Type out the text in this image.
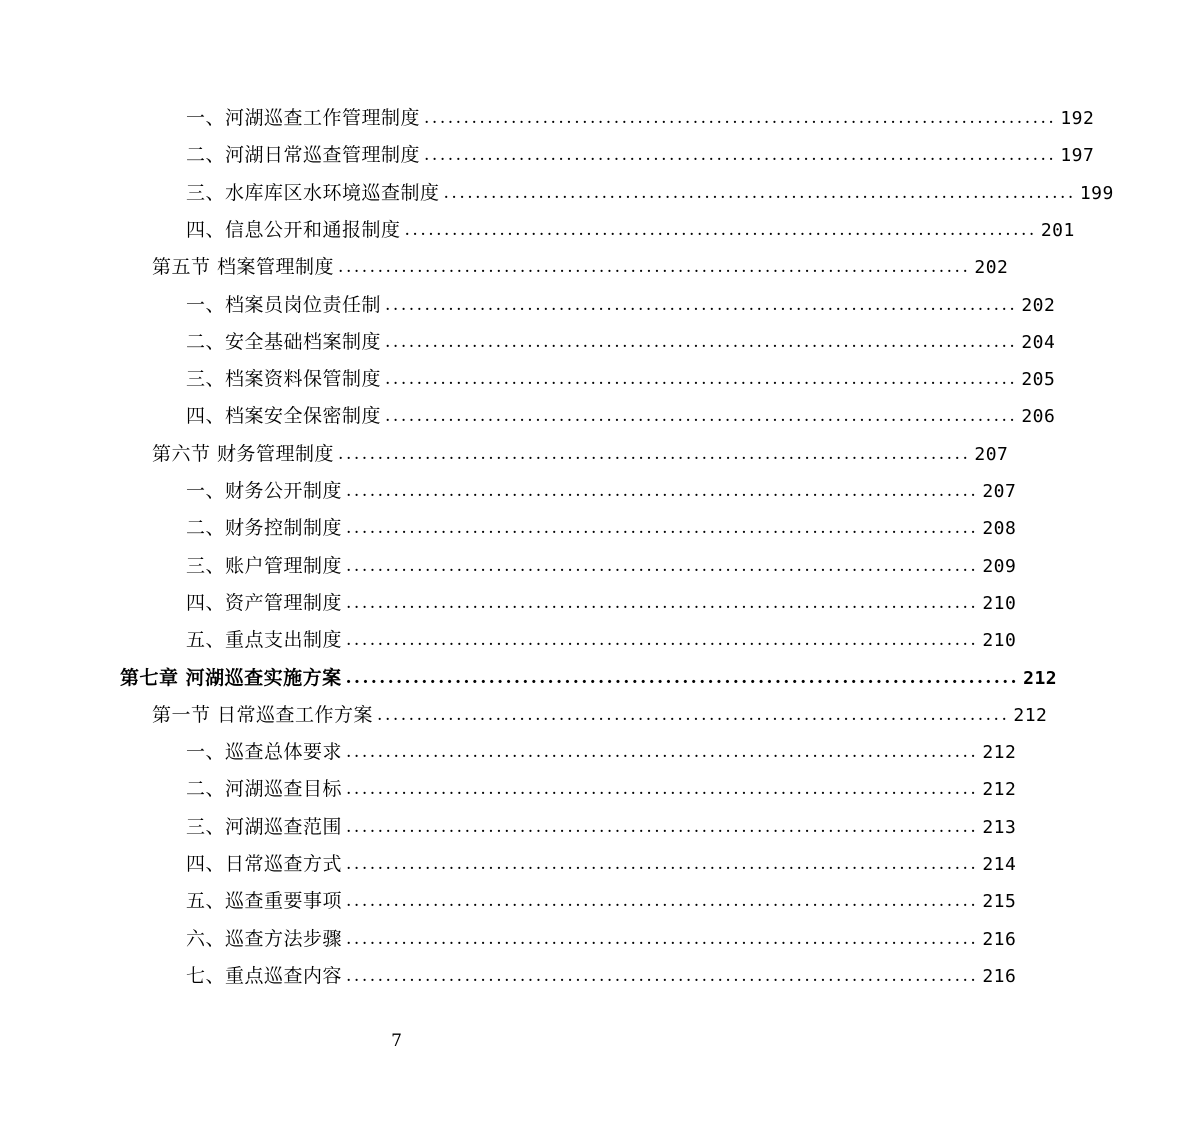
一、河湖巡查工作管理制度 ................................................................................ 192
二、河湖日常巡查管理制度 ................................................................................ 197
三、水库库区水环境巡查制度 ................................................................................ 199
四、信息公开和通报制度 ................................................................................ 201
第五节 档案管理制度 ................................................................................ 202
一、档案员岗位责任制 ................................................................................ 202
二、安全基础档案制度 ................................................................................ 204
三、档案资料保管制度 ................................................................................ 205
四、档案安全保密制度 ................................................................................ 206
第六节 财务管理制度 ................................................................................ 207
一、财务公开制度 ................................................................................ 207
二、财务控制制度 ................................................................................ 208
三、账户管理制度 ................................................................................ 209
四、资产管理制度 ................................................................................ 210
五、重点支出制度 ................................................................................ 210
第七章 河湖巡查实施方案 ................................................................................ 212
第一节 日常巡查工作方案 ................................................................................ 212
一、巡查总体要求 ................................................................................ 212
二、河湖巡查目标 ................................................................................ 212
三、河湖巡查范围 ................................................................................ 213
四、日常巡查方式 ................................................................................ 214
五、巡查重要事项 ................................................................................ 215
六、巡查方法步骤 ................................................................................ 216
七、重点巡查内容 ................................................................................ 216
7
